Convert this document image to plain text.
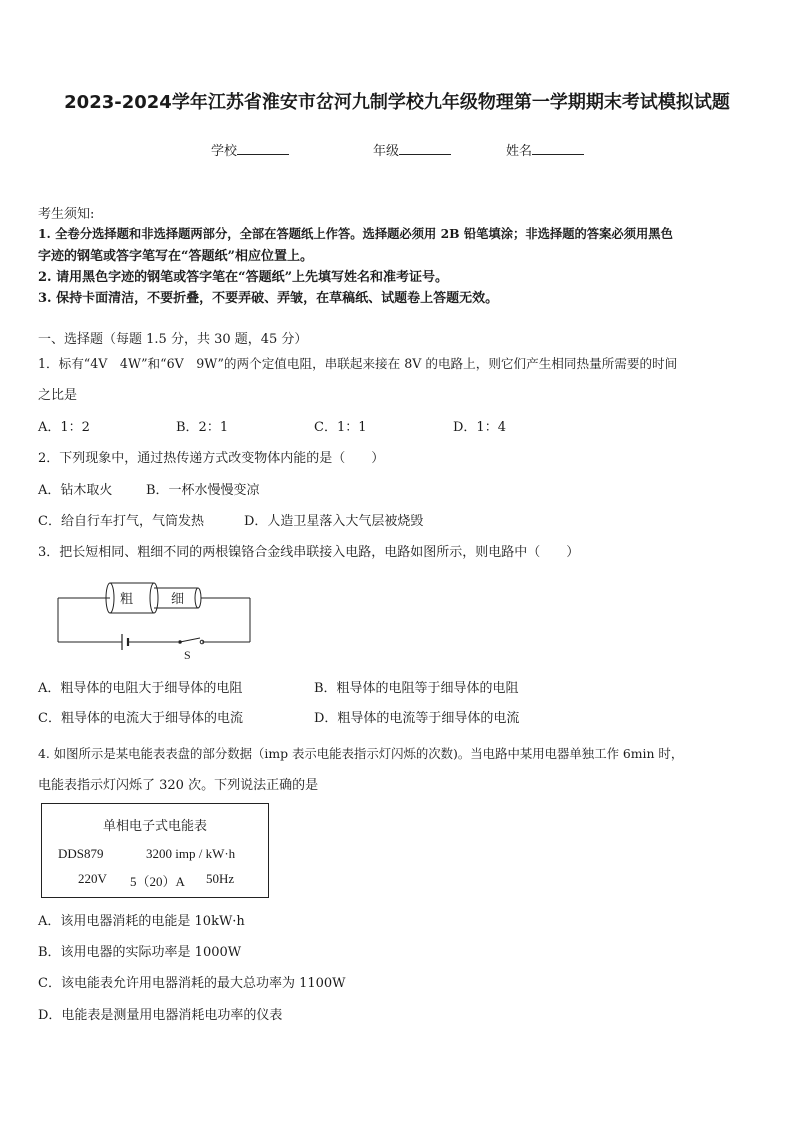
2023-2024学年江苏省淮安市岔河九制学校九年级物理第一学期期末考试模拟试题
学校	年级	姓名
考生须知:
1. 全卷分选择题和非选择题两部分，全部在答题纸上作答。选择题必须用 2B 铅笔填涂；非选择题的答案必须用黑色
字迹的钢笔或答字笔写在“答题纸”相应位置上。
2. 请用黑色字迹的钢笔或答字笔在“答题纸”上先填写姓名和准考证号。
3. 保持卡面清洁，不要折叠，不要弄破、弄皱，在草稿纸、试题卷上答题无效。
一、选择题（每题 1.5 分，共 30 题，45 分）
1．标有“4V　4W”和“6V　9W”的两个定值电阻，串联起来接在 8V 的电路上，则它们产生相同热量所需要的时间
之比是
A．1：2	B．2：1	C．1：1	D．1：4
2．下列现象中，通过热传递方式改变物体内能的是（　　）
A．钻木取火	B．一杯水慢慢变凉
C．给自行车打气，气筒发热	D．人造卫星落入大气层被烧毁
3．把长短相同、粗细不同的两根镍铬合金线串联接入电路，电路如图所示，则电路中（　　）
粗	细
S
A．粗导体的电阻大于细导体的电阻	B．粗导体的电阻等于细导体的电阻
C．粗导体的电流大于细导体的电流	D．粗导体的电流等于细导体的电流
4. 如图所示是某电能表表盘的部分数据（imp 表示电能表指示灯闪烁的次数)。当电路中某用电器单独工作 6min 时，
电能表指示灯闪烁了 320 次。下列说法正确的是
单相电子式电能表
DDS879	3200 imp / kW·h
220V 5（20）A 50Hz
A．该用电器消耗的电能是 10kW·h
B．该用电器的实际功率是 1000W
C．该电能表允许用电器消耗的最大总功率为 1100W
D．电能表是测量用电器消耗电功率的仪表
